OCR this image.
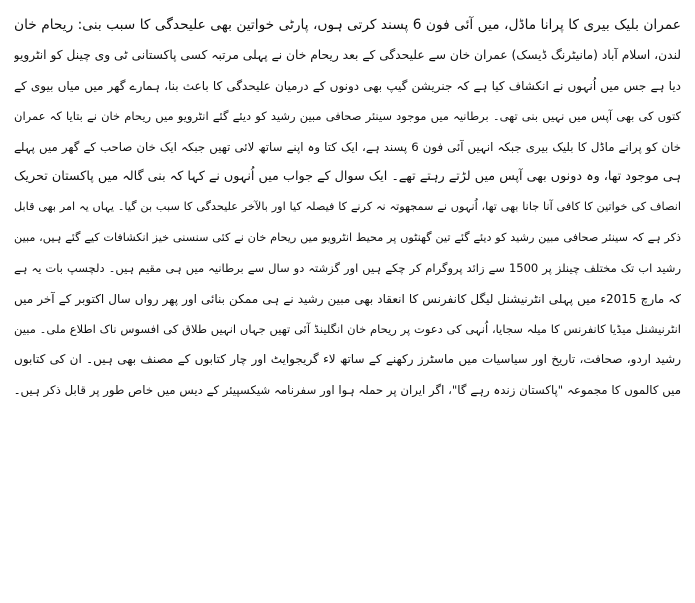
عمران بلیک بیری کا پرانا ماڈل، میں آئی فون 6 پسند کرتی ہوں، پارٹی خواتین بھی علیحدگی کا سبب بنی: ریحام خان
لندن، اسلام آباد (مانیٹرنگ ڈیسک) عمران خان سے علیحدگی کے بعد ریحام خان نے پہلی مرتبہ کسی پاکستانی ٹی وی چینل کو انٹرویو
دیا ہے جس میں اُنہوں نے انکشاف کیا ہے کہ جنریشن گیپ بھی دونوں کے درمیان علیحدگی کا باعث بنا، ہمارے گھر میں میاں بیوی کے
کتوں کی بھی آپس میں نہیں بنی تھی۔ برطانیہ میں موجود سینئر صحافی مبین رشید کو دیئے گئے انٹرویو میں ریحام خان نے بتایا کہ عمران
خان کو پرانے ماڈل کا بلیک بیری جبکہ انہیں آئی فون 6 پسند ہے، ایک کتا وہ اپنے ساتھ لائی تھیں جبکہ ایک خان صاحب کے گھر میں پہلے
ہی موجود تھا، وہ دونوں بھی آپس میں لڑتے رہتے تھے۔ ایک سوال کے جواب میں اُنہوں نے کہا کہ بنی گالہ میں پاکستان تحریک
انصاف کی خواتین کا کافی آنا جانا بھی تھا، اُنہوں نے سمجھوتہ نہ کرنے کا فیصلہ کیا اور بالآخر علیحدگی کا سبب بن گیا۔ یہاں یہ امر بھی قابل
ذکر ہے کہ سینئر صحافی مبین رشید کو دیئے گئے تین گھنٹوں پر محیط انٹرویو میں ریحام خان نے کئی سنسنی خیز انکشافات کیے گئے ہیں، مبین
رشید اب تک مختلف چینلز پر 1500 سے زائد پروگرام کر چکے ہیں اور گزشتہ دو سال سے برطانیہ میں ہی مقیم ہیں۔ دلچسپ بات یہ ہے
کہ مارچ 2015ء میں پہلی انٹرنیشنل لیگل کانفرنس کا انعقاد بھی مبین رشید نے ہی ممکن بنائی اور پھر رواں سال اکتوبر کے آخر میں
انٹرنیشنل میڈیا کانفرنس کا میلہ سجایا، اُنہی کی دعوت پر ریحام خان انگلینڈ آئی تھیں جہاں انہیں طلاق کی افسوس ناک اطلاع ملی۔ مبین
رشید اردو، صحافت، تاریخ اور سیاسیات میں ماسٹرز رکھنے کے ساتھ لاء گریجوایٹ اور چار کتابوں کے مصنف بھی ہیں۔ ان کی کتابوں
میں کالموں کا مجموعہ "پاکستان زندہ رہے گا"، اگر ایران پر حملہ ہوا اور سفرنامہ شیکسپیئر کے دیس میں خاص طور پر قابل ذکر ہیں۔
